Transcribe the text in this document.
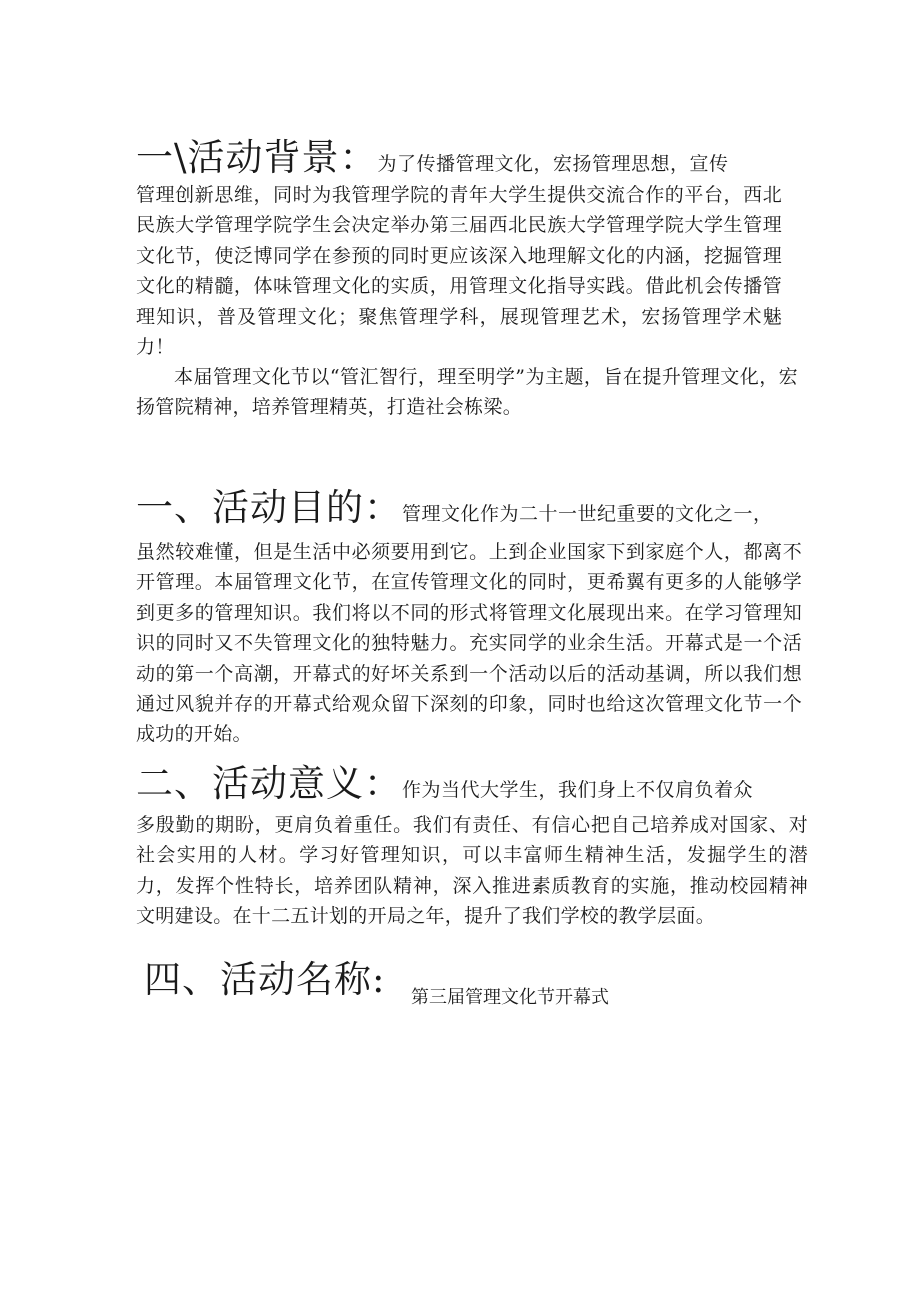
一\活动背景：为了传播管理文化，宏扬管理思想，宣传
管理创新思维，同时为我管理学院的青年大学生提供交流合作的平台，西北民族大学管理学院学生会决定举办第三届西北民族大学管理学院大学生管理文化节，使泛博同学在参预的同时更应该深入地理解文化的内涵，挖掘管理文化的精髓，体味管理文化的实质，用管理文化指导实践。借此机会传播管理知识，普及管理文化；聚焦管理学科，展现管理艺术，宏扬管理学术魅力！
本届管理文化节以“管汇智行，理至明学”为主题，旨在提升管理文化，宏扬管院精神，培养管理精英，打造社会栋梁。
一、活动目的：管理文化作为二十一世纪重要的文化之一，
虽然较难懂，但是生活中必须要用到它。上到企业国家下到家庭个人，都离不开管理。本届管理文化节，在宣传管理文化的同时，更希翼有更多的人能够学到更多的管理知识。我们将以不同的形式将管理文化展现出来。在学习管理知识的同时又不失管理文化的独特魅力。充实同学的业余生活。开幕式是一个活动的第一个高潮，开幕式的好坏关系到一个活动以后的活动基调，所以我们想通过风貌并存的开幕式给观众留下深刻的印象，同时也给这次管理文化节一个成功的开始。
二、活动意义：作为当代大学生，我们身上不仅肩负着众
多殷勤的期盼，更肩负着重任。我们有责任、有信心把自己培养成对国家、对社会实用的人材。学习好管理知识，可以丰富师生精神生活，发掘学生的潜力，发挥个性特长，培养团队精神，深入推进素质教育的实施，推动校园精神文明建设。在十二五计划的开局之年，提升了我们学校的教学层面。
四、活动名称: 第三届管理文化节开幕式
